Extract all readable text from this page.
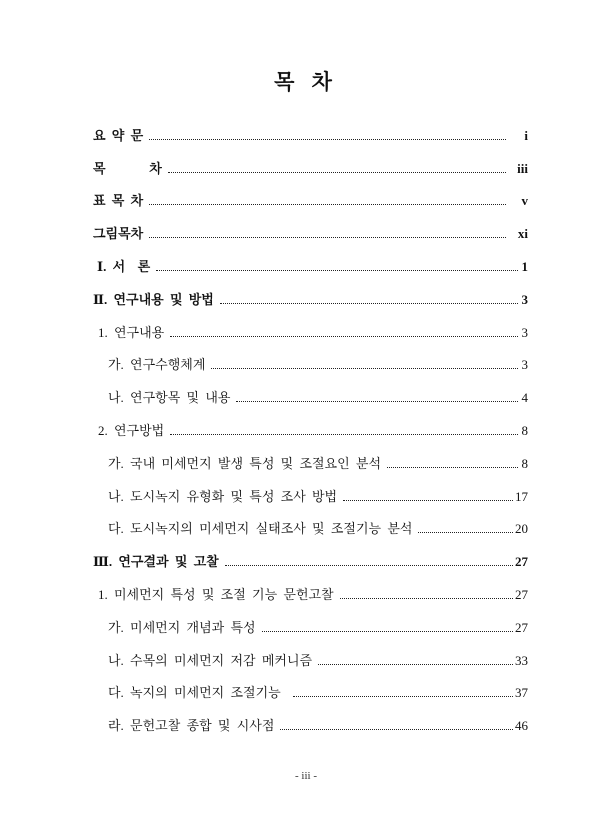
목 차
요 약 문	i
목       차	iii
표 목 차	v
그림목차	xi
Ⅰ. 서  론	1
Ⅱ. 연구내용 및 방법	3
1. 연구내용	3
가. 연구수행체계	3
나. 연구항목 및 내용	4
2. 연구방법	8
가. 국내 미세먼지 발생 특성 및 조절요인 분석	8
나. 도시녹지 유형화 및 특성 조사 방법	17
다. 도시녹지의 미세먼지 실태조사 및 조절기능 분석	20
Ⅲ. 연구결과 및 고찰	27
1. 미세먼지 특성 및 조절 기능 문헌고찰	27
가. 미세먼지 개념과 특성	27
나. 수목의 미세먼지 저감 메커니즘	33
다. 녹지의 미세먼지 조절기능	37
라. 문헌고찰 종합 및 시사점	46
- iii -
